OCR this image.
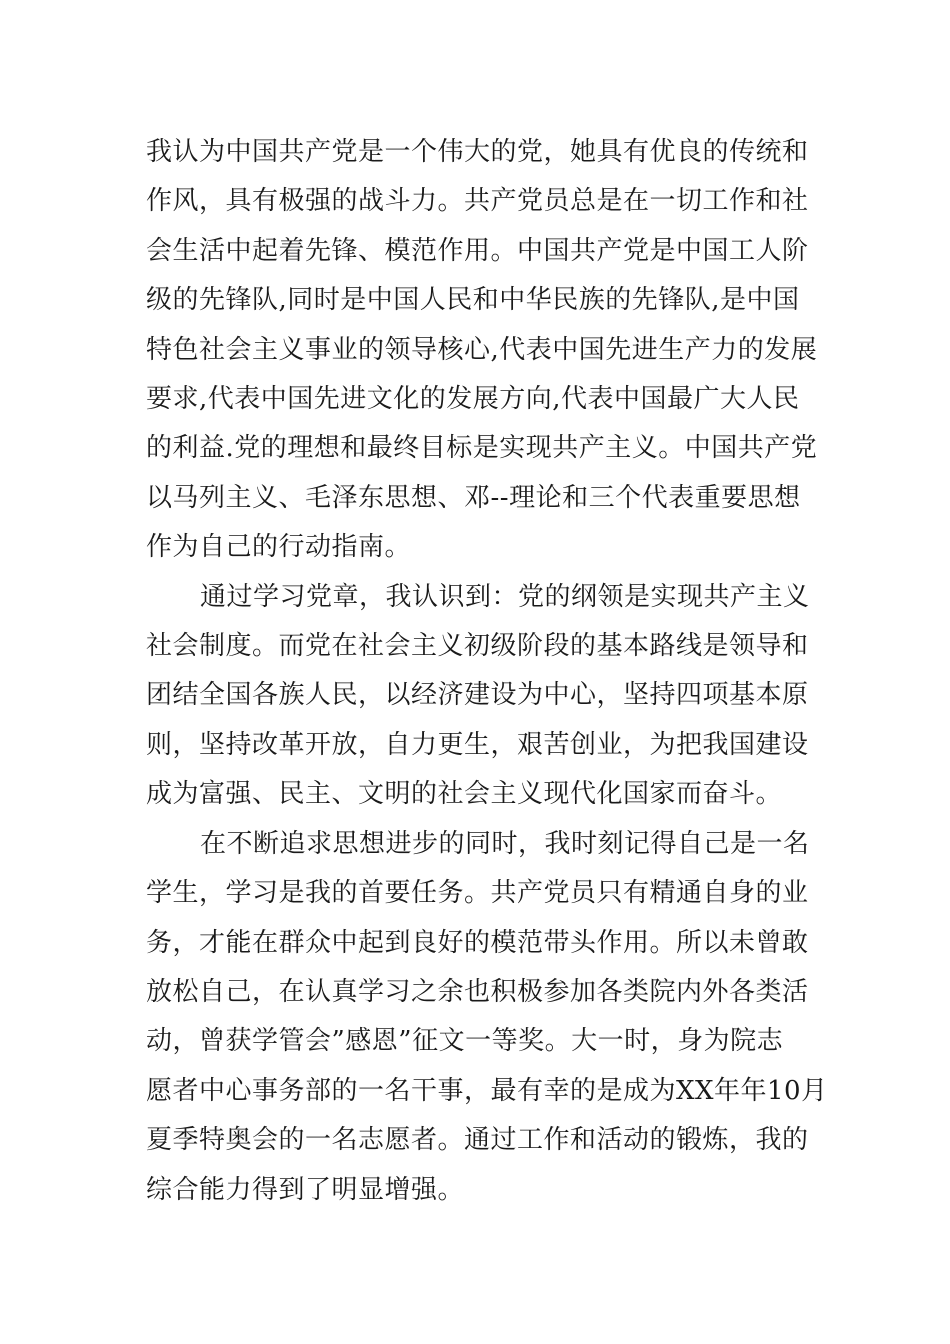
我认为中国共产党是一个伟大的党，她具有优良的传统和
作风，具有极强的战斗力。共产党员总是在一切工作和社
会生活中起着先锋、模范作用。中国共产党是中国工人阶
级的先锋队,同时是中国人民和中华民族的先锋队,是中国
特色社会主义事业的领导核心,代表中国先进生产力的发展
要求,代表中国先进文化的发展方向,代表中国最广大人民
的利益.党的理想和最终目标是实现共产主义。中国共产党
以马列主义、毛泽东思想、邓--理论和三个代表重要思想
作为自己的行动指南。

通过学习党章，我认识到：党的纲领是实现共产主义
社会制度。而党在社会主义初级阶段的基本路线是领导和
团结全国各族人民，以经济建设为中心，坚持四项基本原
则，坚持改革开放，自力更生，艰苦创业，为把我国建设
成为富强、民主、文明的社会主义现代化国家而奋斗。

在不断追求思想进步的同时，我时刻记得自己是一名
学生，学习是我的首要任务。共产党员只有精通自身的业
务，才能在群众中起到良好的模范带头作用。所以未曾敢
放松自己，在认真学习之余也积极参加各类院内外各类活
动，曾获学管会”感恩”征文一等奖。大一时，身为院志
愿者中心事务部的一名干事，最有幸的是成为XX年年10月
夏季特奥会的一名志愿者。通过工作和活动的锻炼，我的
综合能力得到了明显增强。
